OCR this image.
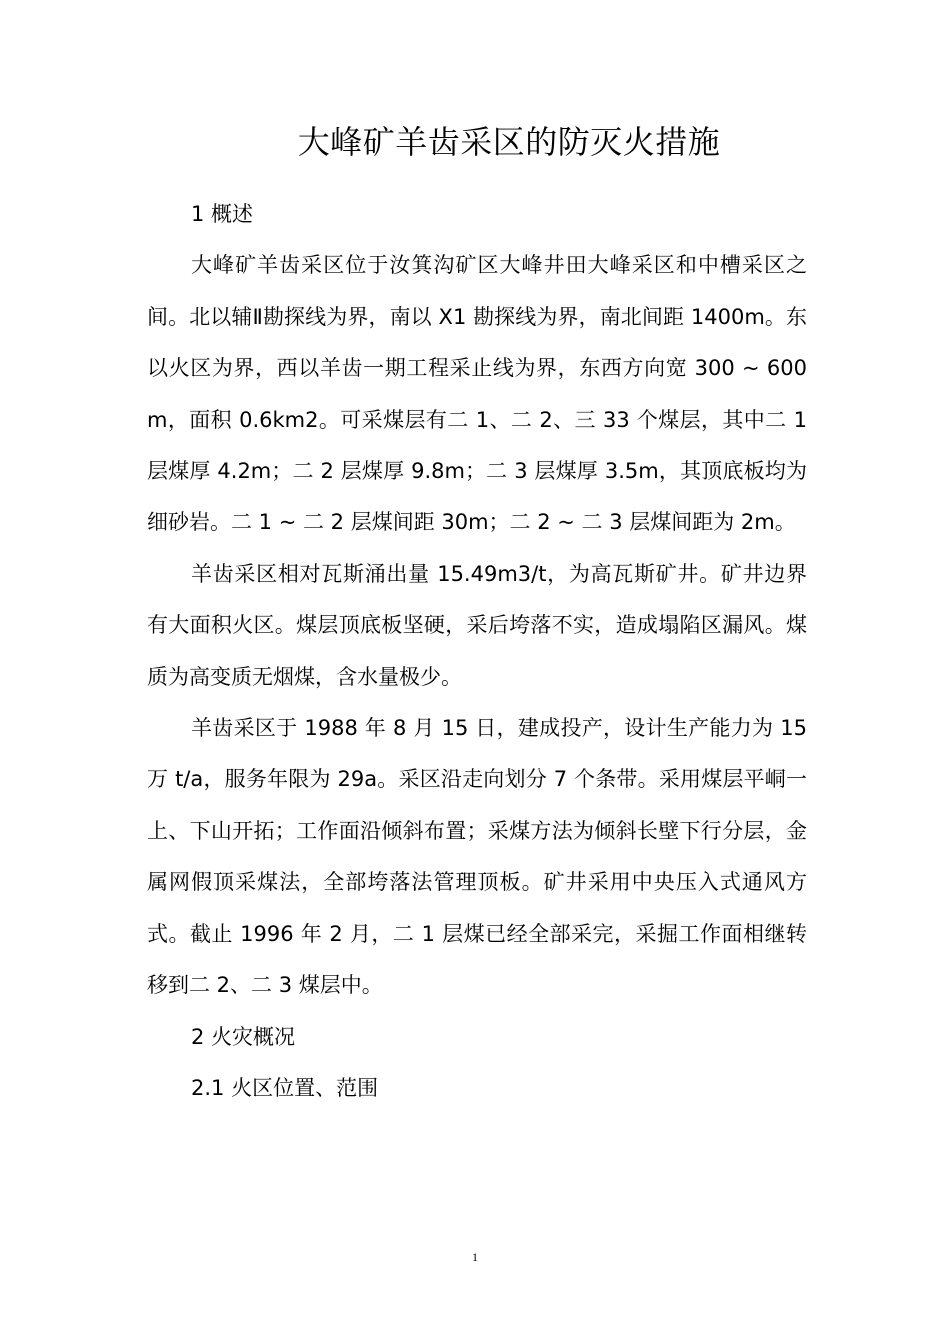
大峰矿羊齿采区的防灭火措施

1 概述

大峰矿羊齿采区位于汝箕沟矿区大峰井田大峰采区和中槽采区之间。北以辅Ⅱ勘探线为界，南以 X1 勘探线为界，南北间距 1400m。东以火区为界，西以羊齿一期工程采止线为界，东西方向宽 300 ~ 600m，面积 0.6km2。可采煤层有二 1、二 2、三 33 个煤层，其中二 1 层煤厚 4.2m；二 2 层煤厚 9.8m；二 3 层煤厚 3.5m，其顶底板均为细砂岩。二 1 ~ 二 2 层煤间距 30m；二 2 ~ 二 3 层煤间距为 2m。

羊齿采区相对瓦斯涌出量 15.49m3/t，为高瓦斯矿井。矿井边界有大面积火区。煤层顶底板坚硬，采后垮落不实，造成塌陷区漏风。煤质为高变质无烟煤，含水量极少。

羊齿采区于 1988 年 8 月 15 日，建成投产，设计生产能力为 15 万 t/a，服务年限为 29a。采区沿走向划分 7 个条带。采用煤层平峒一上、下山开拓；工作面沿倾斜布置；采煤方法为倾斜长壁下行分层，金属网假顶采煤法，全部垮落法管理顶板。矿井采用中央压入式通风方式。截止 1996 年 2 月，二 1 层煤已经全部采完，采掘工作面相继转移到二 2、二 3 煤层中。

2 火灾概况

2.1 火区位置、范围

1
